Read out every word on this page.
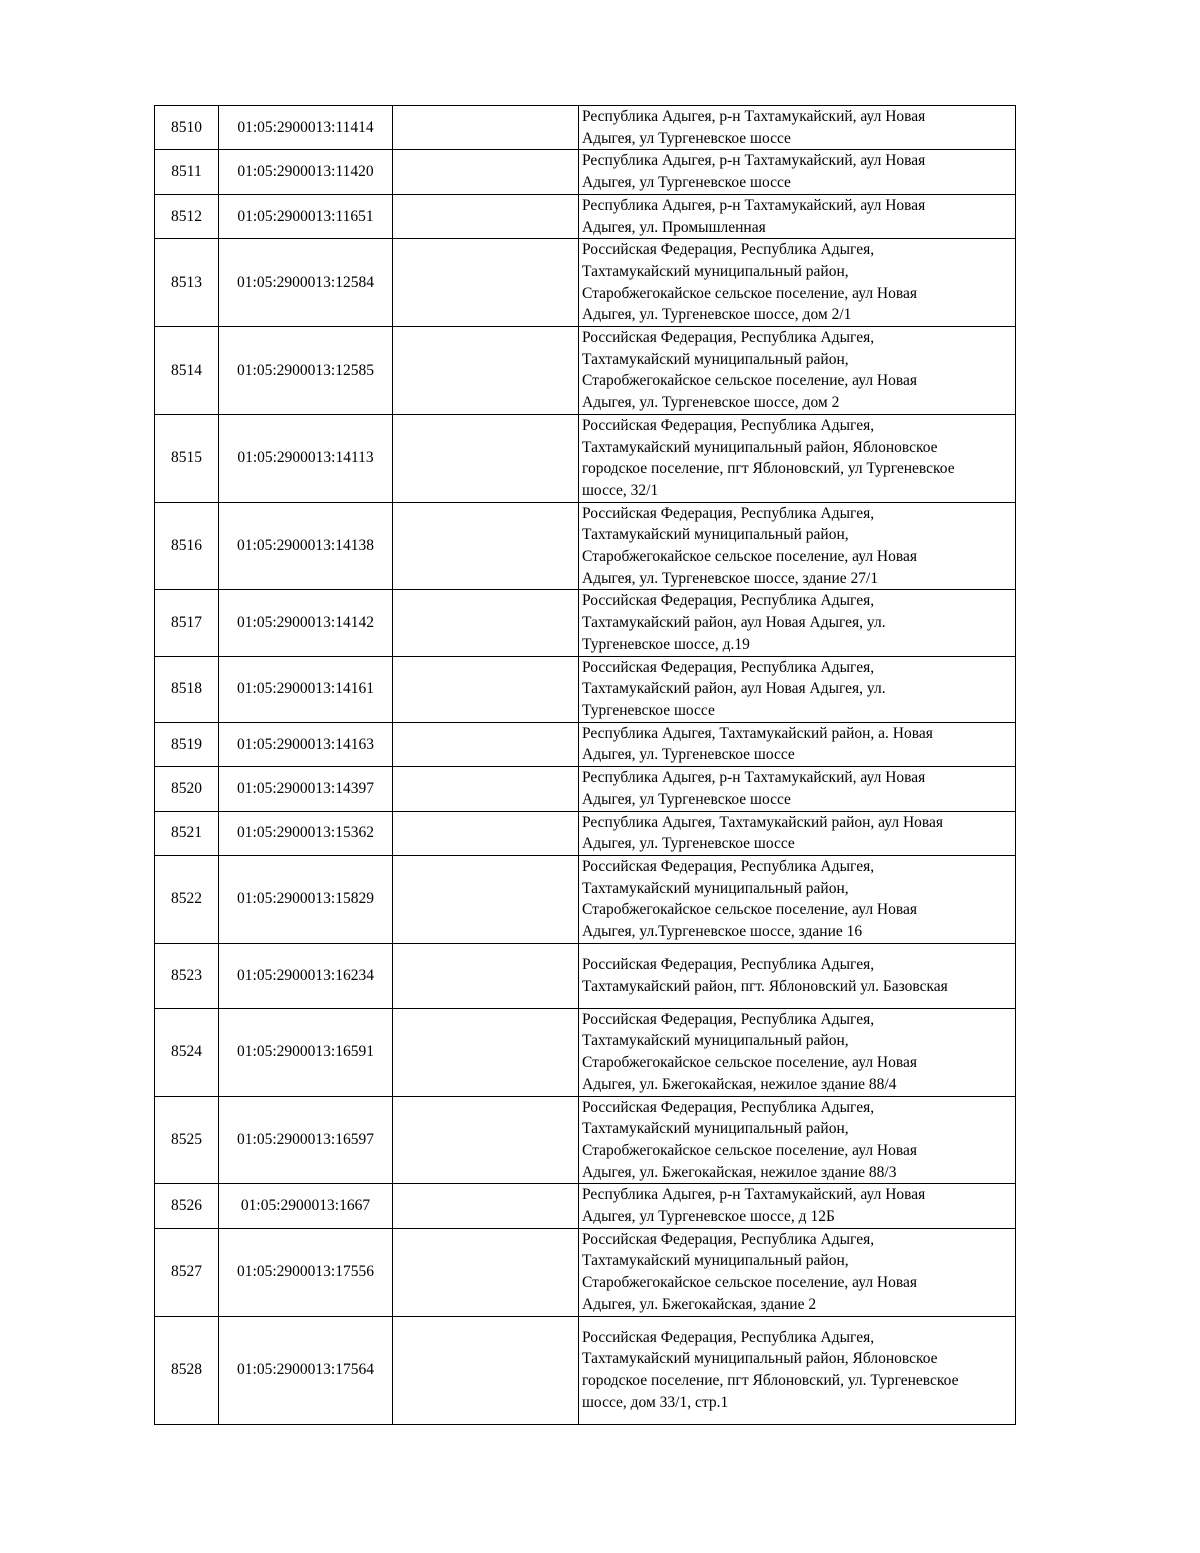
8510	01:05:2900013:11414		Республика Адыгея, р-н Тахтамукайский, аул Новая
Адыгея, ул Тургеневское шоссе
8511	01:05:2900013:11420		Республика Адыгея, р-н Тахтамукайский, аул Новая
Адыгея, ул Тургеневское шоссе
8512	01:05:2900013:11651		Республика Адыгея, р-н Тахтамукайский, аул Новая
Адыгея, ул. Промышленная
8513	01:05:2900013:12584		Российская Федерация, Республика Адыгея,
Тахтамукайский муниципальный район,
Старобжегокайское сельское поселение, аул Новая
Адыгея, ул. Тургеневское шоссе, дом 2/1
8514	01:05:2900013:12585		Российская Федерация, Республика Адыгея,
Тахтамукайский муниципальный район,
Старобжегокайское сельское поселение, аул Новая
Адыгея, ул. Тургеневское шоссе, дом 2
8515	01:05:2900013:14113		Российская Федерация, Республика Адыгея,
Тахтамукайский муниципальный район, Яблоновское
городское поселение, пгт Яблоновский, ул Тургеневское
шоссе, 32/1
8516	01:05:2900013:14138		Российская Федерация, Республика Адыгея,
Тахтамукайский муниципальный район,
Старобжегокайское сельское поселение, аул Новая
Адыгея, ул. Тургеневское шоссе, здание 27/1
8517	01:05:2900013:14142		Российская Федерация, Республика Адыгея,
Тахтамукайский район, аул Новая Адыгея, ул.
Тургеневское шоссе, д.19
8518	01:05:2900013:14161		Российская Федерация, Республика Адыгея,
Тахтамукайский район, аул Новая Адыгея, ул.
Тургеневское шоссе
8519	01:05:2900013:14163		Республика Адыгея, Тахтамукайский район, а. Новая
Адыгея, ул. Тургеневское шоссе
8520	01:05:2900013:14397		Республика Адыгея, р-н Тахтамукайский, аул Новая
Адыгея, ул Тургеневское шоссе
8521	01:05:2900013:15362		Республика Адыгея, Тахтамукайский район, аул Новая
Адыгея, ул. Тургеневское шоссе
8522	01:05:2900013:15829		Российская Федерация, Республика Адыгея,
Тахтамукайский муниципальный район,
Старобжегокайское сельское поселение, аул Новая
Адыгея, ул.Тургеневское шоссе, здание 16
8523	01:05:2900013:16234		Российская Федерация, Республика Адыгея,
Тахтамукайский район, пгт. Яблоновский ул. Базовская
8524	01:05:2900013:16591		Российская Федерация, Республика Адыгея,
Тахтамукайский муниципальный район,
Старобжегокайское сельское поселение, аул Новая
Адыгея, ул. Бжегокайская, нежилое здание 88/4
8525	01:05:2900013:16597		Российская Федерация, Республика Адыгея,
Тахтамукайский муниципальный район,
Старобжегокайское сельское поселение, аул Новая
Адыгея, ул. Бжегокайская, нежилое здание 88/3
8526	01:05:2900013:1667		Республика Адыгея, р-н Тахтамукайский, аул Новая
Адыгея, ул Тургеневское шоссе, д 12Б
8527	01:05:2900013:17556		Российская Федерация, Республика Адыгея,
Тахтамукайский муниципальный район,
Старобжегокайское сельское поселение, аул Новая
Адыгея, ул. Бжегокайская, здание 2
8528	01:05:2900013:17564		Российская Федерация, Республика Адыгея,
Тахтамукайский муниципальный район, Яблоновское
городское поселение, пгт Яблоновский, ул. Тургеневское
шоссе, дом 33/1, стр.1
